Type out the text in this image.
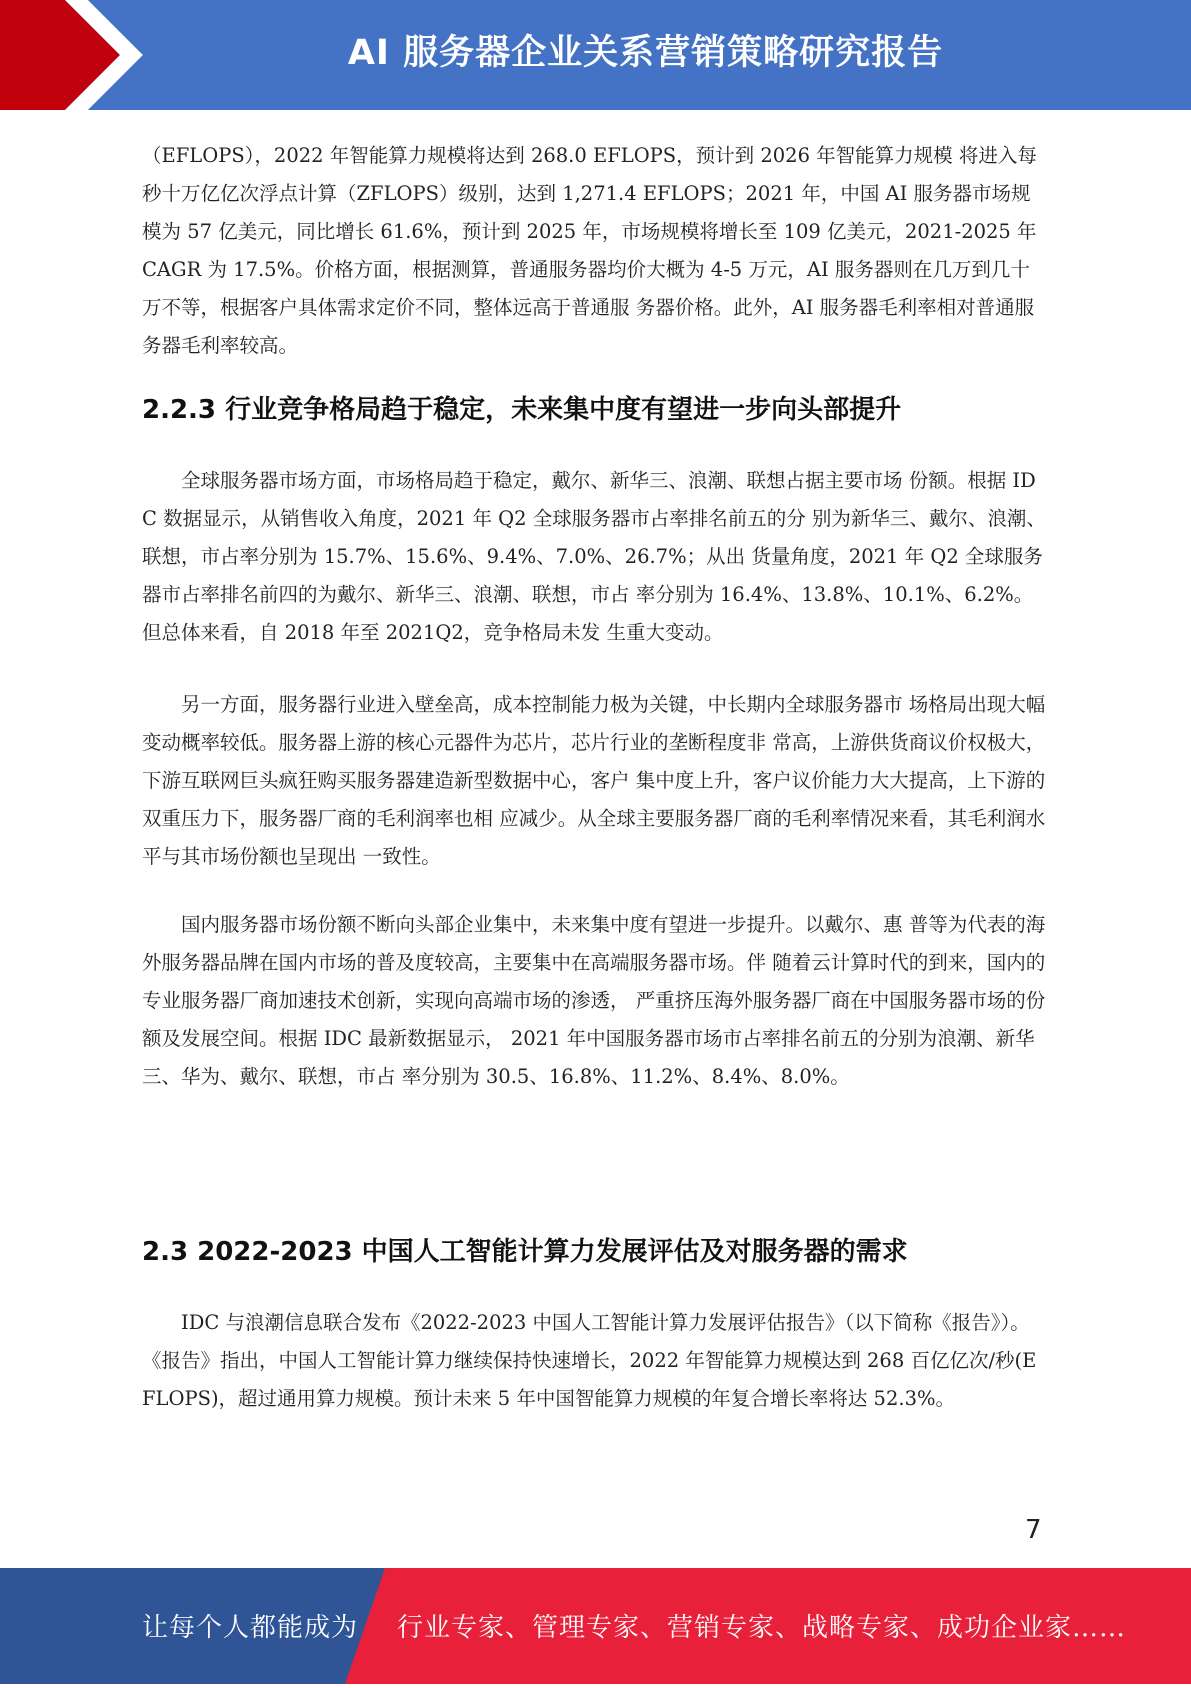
AI 服务器企业关系营销策略研究报告

（EFLOPS），2022 年智能算力规模将达到 268.0 EFLOPS，预计到 2026 年智能算力规模 将进入每秒十万亿亿次浮点计算（ZFLOPS）级别，达到 1,271.4 EFLOPS；2021 年，中国 AI 服务器市场规模为 57 亿美元，同比增长 61.6%，预计到 2025 年，市场规模将增长至 109 亿美元，2021-2025 年 CAGR 为 17.5%。价格方面，根据测算，普通服务器均价大概为 4-5 万元，AI 服务器则在几万到几十万不等，根据客户具体需求定价不同，整体远高于普通服 务器价格。此外，AI 服务器毛利率相对普通服务器毛利率较高。

2.2.3 行业竞争格局趋于稳定，未来集中度有望进一步向头部提升

全球服务器市场方面，市场格局趋于稳定，戴尔、新华三、浪潮、联想占据主要市场 份额。根据 IDC 数据显示，从销售收入角度，2021 年 Q2 全球服务器市占率排名前五的分 别为新华三、戴尔、浪潮、联想，市占率分别为 15.7%、15.6%、9.4%、7.0%、26.7%；从出 货量角度，2021 年 Q2 全球服务器市占率排名前四的为戴尔、新华三、浪潮、联想，市占 率分别为 16.4%、13.8%、10.1%、6.2%。但总体来看，自 2018 年至 2021Q2，竞争格局未发 生重大变动。

另一方面，服务器行业进入壁垒高，成本控制能力极为关键，中长期内全球服务器市 场格局出现大幅变动概率较低。服务器上游的核心元器件为芯片，芯片行业的垄断程度非 常高，上游供货商议价权极大，下游互联网巨头疯狂购买服务器建造新型数据中心，客户 集中度上升，客户议价能力大大提高，上下游的双重压力下，服务器厂商的毛利润率也相 应减少。从全球主要服务器厂商的毛利率情况来看，其毛利润水平与其市场份额也呈现出 一致性。

国内服务器市场份额不断向头部企业集中，未来集中度有望进一步提升。以戴尔、惠 普等为代表的海外服务器品牌在国内市场的普及度较高，主要集中在高端服务器市场。伴 随着云计算时代的到来，国内的专业服务器厂商加速技术创新，实现向高端市场的渗透， 严重挤压海外服务器厂商在中国服务器市场的份额及发展空间。根据 IDC 最新数据显示， 2021 年中国服务器市场市占率排名前五的分别为浪潮、新华三、华为、戴尔、联想，市占 率分别为 30.5、16.8%、11.2%、8.4%、8.0%。

2.3 2022-2023 中国人工智能计算力发展评估及对服务器的需求

IDC 与浪潮信息联合发布《2022-2023 中国人工智能计算力发展评估报告》（以下简称《报告》）。《报告》指出，中国人工智能计算力继续保持快速增长，2022 年智能算力规模达到 268 百亿亿次/秒(EFLOPS)，超过通用算力规模。预计未来 5 年中国智能算力规模的年复合增长率将达 52.3%。

7
让每个人都能成为 行业专家、管理专家、营销专家、战略专家、成功企业家……
